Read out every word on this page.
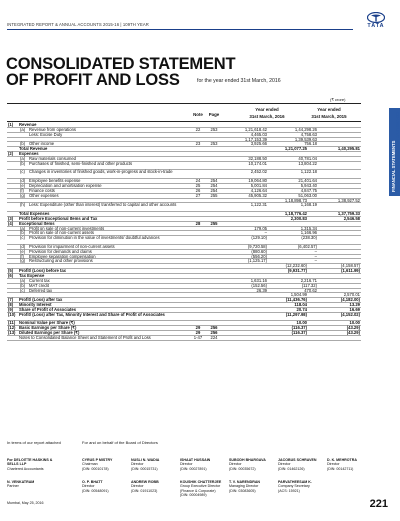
INTEGRATED REPORT & ANNUAL ACCOUNTS 2015-16 | 109TH YEAR	TATA
CONSOLIDATED STATEMENT
OF PROFIT AND LOSS	for the year ended 31st March, 2016
FINANCIAL STATEMENTS
CONSOLIDATED
(₹ crore)
Note	Page
Year ended
31st March, 2016
Year ended
31st March, 2015
(1) Revenue
(a) Revenue from operations	22	253	1,21,618.42	1,44,298.26
Less: Excise Duty	4,465.03	4,758.63
1,17,153.39	1,39,539.63
(b) Other income	23	253	3,925.66	756.18
Total Revenue	1,21,077.25	1,40,295.81
(2) Expenses
(a) Raw materials consumed	32,188.50	40,781.04
(b) Purchases of finished, semi-finished and other products	10,174.01	13,804.22
(c) Changes in inventories of finished goods, work-in-progress and stock-in-trade	2,452.02	1,122.18
(d) Employee benefits expense	24	254	19,064.80	21,401.64
(e) Depreciation and amortisation expense	25	254	5,001.84	5,943.40
(f) Finance costs	26	254	4,126.64	4,847.75
(g) Other expenses	27	255	45,905.32	51,063.00
1,18,898.73	1,38,927.52
(h) Less: Expenditure (other than interest) transferred to capital and other accounts	1,122.31	1,168.19
Total Expenses	1,18,776.42	1,37,759.33
(3) Profit before Exceptional Items and Tax	2,300.83	2,546.58
(4) Exceptional Items	28	255
(a) Profit on sale of non-current investments	179.05	1,315.34
(b) Profit on sale of non-current assets	–	1,166.96
(c) Provision for diminution in the value of investments/ doubtful advances	(129.10)	(238.30)
(d) Provision for impairment of non-current assets	(9,720.58)	(6,402.57)
(e) Provision for demands and claims	(880.60)	–
(f) Employee separation compensation	(556.20)	–
(g) Restructuring and other provisions	(1,125.17)	–
(12,232.60)	(4,158.57)
(5) Profit/ (Loss) before tax	(9,931.77)	(1,611.99)
(6) Tax Expense
(a) Current tax	1,631.16	2,216.71
(b) MAT credit	(152.56)	(117.32)
(c) Deferred tax	26.39	470.62
1,504.99	2,570.01
(7) Profit/ (Loss) after tax	(11,436.76)	(4,182.00)
(8) Minority Interest	118.04	13.29
(9) Share of Profit of Associates	20.74	16.69
(10) Profit/ (Loss) after Tax, Minority Interest and Share of Profit of Associates	(11,297.98)	(4,152.02)
(11) Nominal Value per Share (₹)	10.00	10.00
(12) Basic Earnings per Share (₹)	29	256	(116.37)	(43.29)
(13) Diluted Earnings per Share (₹)	29	256	(116.37)	(43.29)
Notes to Consolidated Balance Sheet and Statement of Profit and Loss	1-47	224
In terms of our report attached	For and on behalf of the Board of Directors
For DELOITTE HASKINS & SELLS LLP
Chartered Accountants
CYRUS P MISTRY
Chairman
(DIN: 00010178)
NUSLI N. WADIA
Director
(DIN: 00015731)
ISHAAT HUSSAIN
Director
(DIN: 00027891)
SUBODH BHARGAVA
Director
(DIN: 00035672)
JACOBUS SCHRAVEN
Director
(DIN: 01462126)
O. P. BHATT
Director
(DIN: 00548091)
ANDREW ROBB
Director
(DIN: 01911023)
KOUSHIK CHATTERJEE
Group Executive Director (Finance & Corporate)
(DIN: 00004989)
T. V. NARENDRAN
Managing Director
(DIN: 03083605)
PARVATHEESAM K.
Company Secretary
(ACS: 15921)
N. VENKATRAM
Partner
D. K. MEHROTRA
Director
(DIN: 00142711)
Mumbai, May 25, 2016	221
